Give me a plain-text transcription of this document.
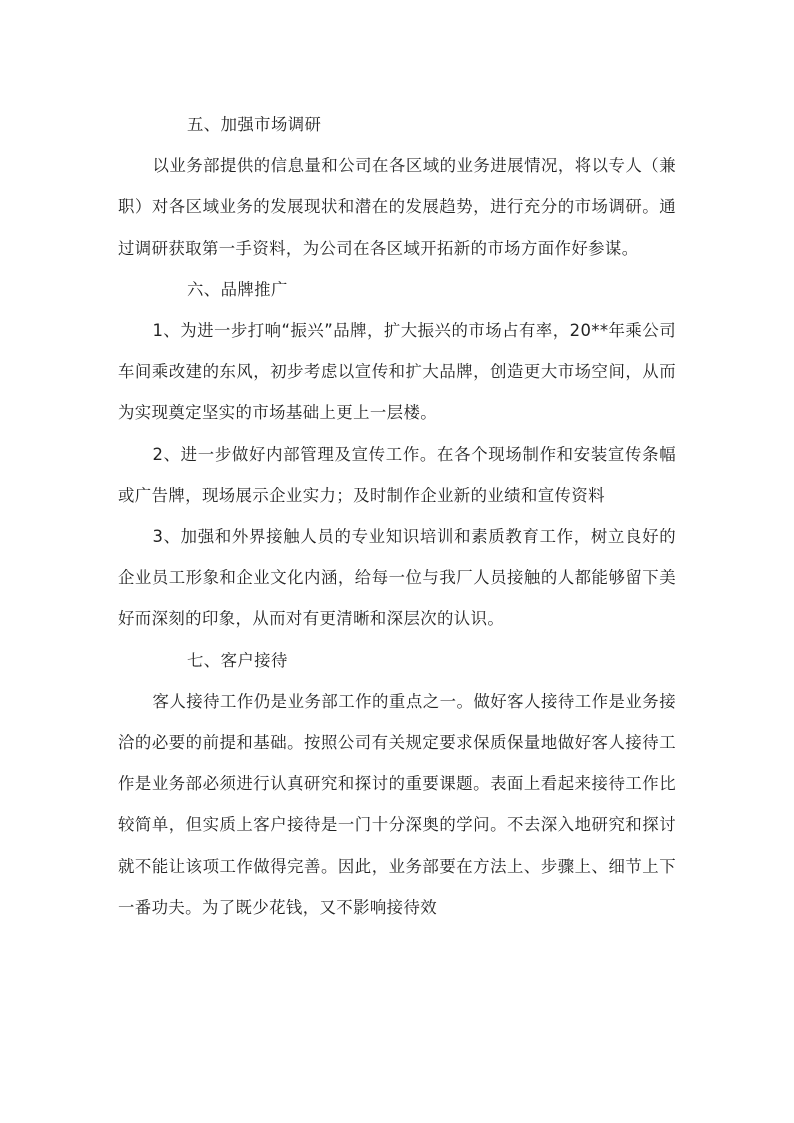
五、加强市场调研

以业务部提供的信息量和公司在各区域的业务进展情况，将以专人（兼职）对各区域业务的发展现状和潜在的发展趋势，进行充分的市场调研。通过调研获取第一手资料，为公司在各区域开拓新的市场方面作好参谋。

六、品牌推广

1、为进一步打响“振兴”品牌，扩大振兴的市场占有率，20**年乘公司车间乘改建的东风，初步考虑以宣传和扩大品牌，创造更大市场空间，从而为实现奠定坚实的市场基础上更上一层楼。

2、进一步做好内部管理及宣传工作。在各个现场制作和安装宣传条幅或广告牌，现场展示企业实力；及时制作企业新的业绩和宣传资料

3、加强和外界接触人员的专业知识培训和素质教育工作，树立良好的企业员工形象和企业文化内涵，给每一位与我厂人员接触的人都能够留下美好而深刻的印象，从而对有更清晰和深层次的认识。

七、客户接待

客人接待工作仍是业务部工作的重点之一。做好客人接待工作是业务接洽的必要的前提和基础。按照公司有关规定要求保质保量地做好客人接待工作是业务部必须进行认真研究和探讨的重要课题。表面上看起来接待工作比较简单，但实质上客户接待是一门十分深奥的学问。不去深入地研究和探讨就不能让该项工作做得完善。因此，业务部要在方法上、步骤上、细节上下一番功夫。为了既少花钱，又不影响接待效
